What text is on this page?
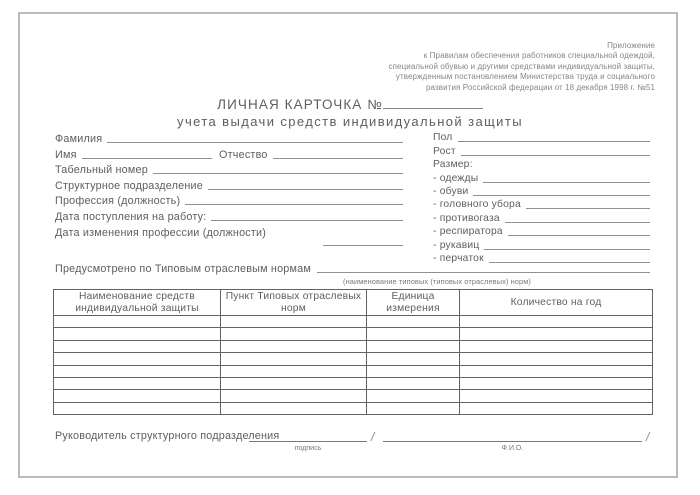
Приложение
к Правилам обеспечения работников специальной одеждой,
специальной обувью и другими средствами индивидуальной защиты,
утвержденным постановлением Министерства труда и социального
развития Российской федерации от 18 декабря 1998 г. №51
ЛИЧНАЯ КАРТОЧКА №
учета выдачи средств индивидуальной защиты
Фамилия
Имя	Отчество
Табельный номер
Структурное подразделение
Профессия (должность)
Дата поступления на работу:
Дата изменения профессии (должности)
Пол
Рост
Размер:
- одежды
- обуви
- головного убора
- противогаза
- респиратора
- рукавиц
- перчаток
Предусмотрено по Типовым отраслевым нормам
(наименование типовых (типовых отраслевых) норм)
Наименование средств индивидуальной защиты	Пункт Типовых отраслевых норм	Единица измерения	Количество на год

Руководитель структурного подразделения
подпись
/
Ф.И.О.
/
